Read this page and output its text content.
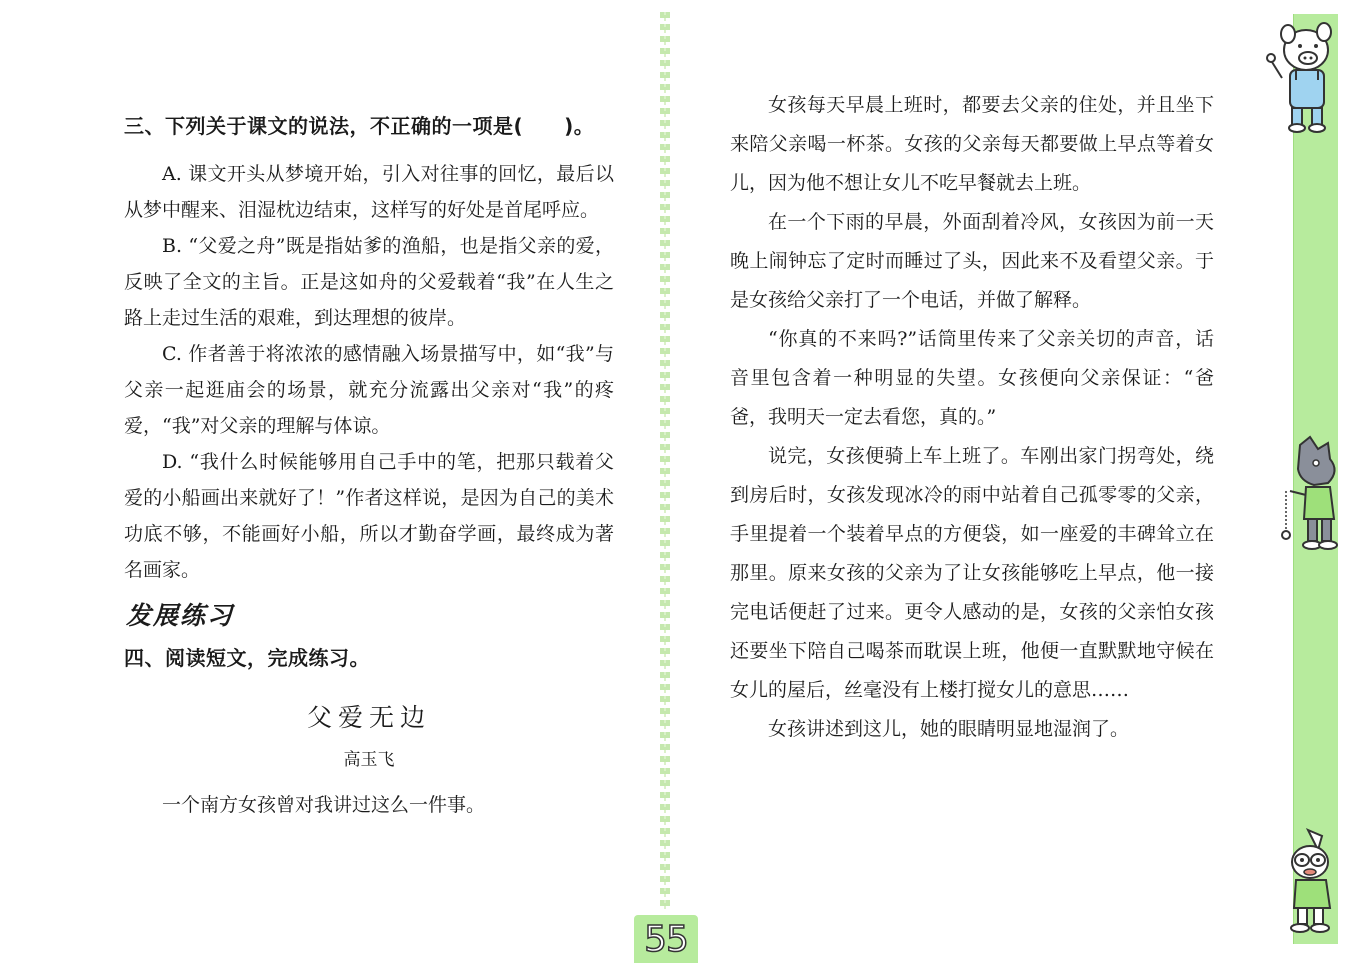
三、下列关于课文的说法，不正确的一项是(　　)。

A. 课文开头从梦境开始，引入对往事的回忆，最后以从梦中醒来、泪湿枕边结束，这样写的好处是首尾呼应。

B. “父爱之舟”既是指姑爹的渔船，也是指父亲的爱，反映了全文的主旨。正是这如舟的父爱载着“我”在人生之路上走过生活的艰难，到达理想的彼岸。

C. 作者善于将浓浓的感情融入场景描写中，如“我”与父亲一起逛庙会的场景，就充分流露出父亲对“我”的疼爱，“我”对父亲的理解与体谅。

D. “我什么时候能够用自己手中的笔，把那只载着父爱的小船画出来就好了！”作者这样说，是因为自己的美术功底不够，不能画好小船，所以才勤奋学画，最终成为著名画家。

发展练习

四、阅读短文，完成练习。

父爱无边

高玉飞

一个南方女孩曾对我讲过这么一件事。

女孩每天早晨上班时，都要去父亲的住处，并且坐下来陪父亲喝一杯茶。女孩的父亲每天都要做上早点等着女儿，因为他不想让女儿不吃早餐就去上班。

在一个下雨的早晨，外面刮着冷风，女孩因为前一天晚上闹钟忘了定时而睡过了头，因此来不及看望父亲。于是女孩给父亲打了一个电话，并做了解释。

“你真的不来吗?”话筒里传来了父亲关切的声音，话音里包含着一种明显的失望。女孩便向父亲保证：“爸爸，我明天一定去看您，真的。”

说完，女孩便骑上车上班了。车刚出家门拐弯处，绕到房后时，女孩发现冰冷的雨中站着自己孤零零的父亲，手里提着一个装着早点的方便袋，如一座爱的丰碑耸立在那里。原来女孩的父亲为了让女孩能够吃上早点，他一接完电话便赶了过来。更令人感动的是，女孩的父亲怕女孩还要坐下陪自己喝茶而耽误上班，他便一直默默地守候在女儿的屋后，丝毫没有上楼打搅女儿的意思……

女孩讲述到这儿，她的眼睛明显地湿润了。

55
